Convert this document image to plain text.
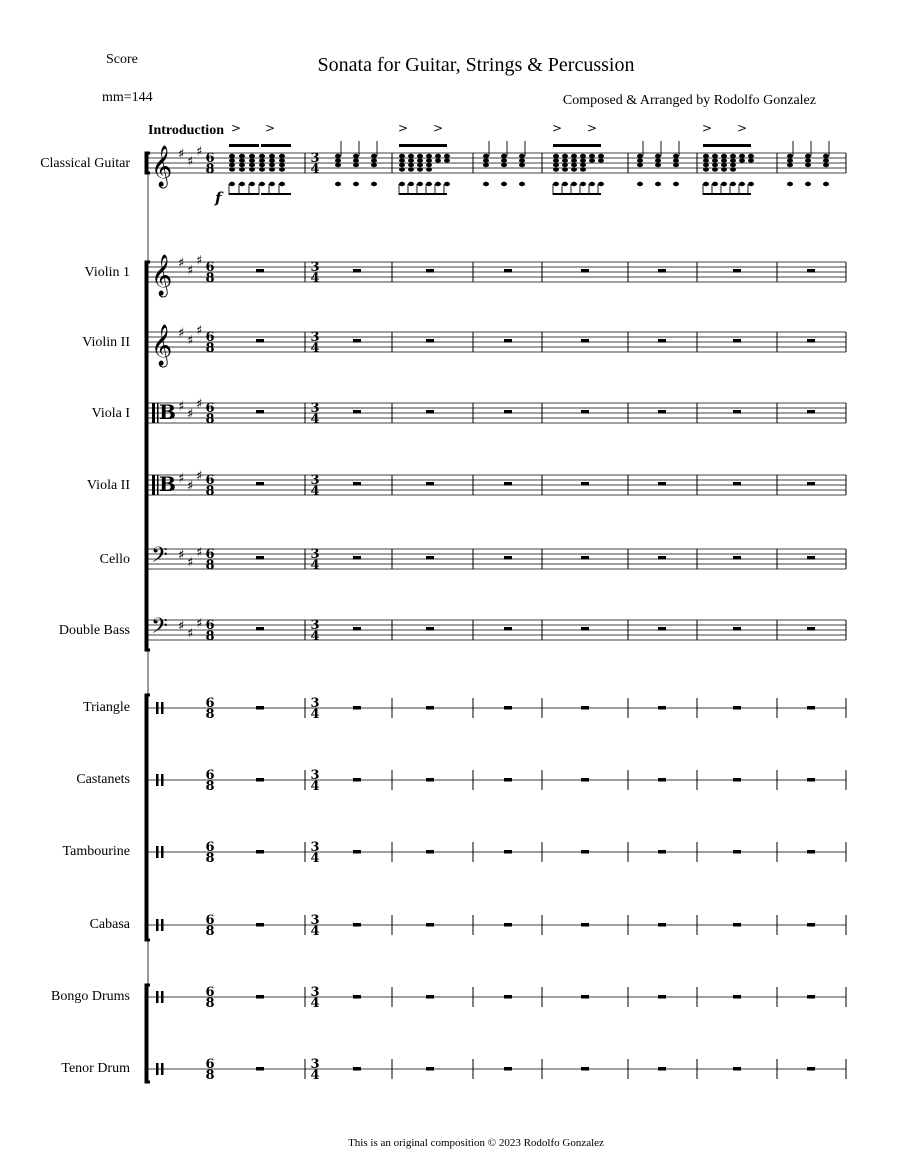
Score	Sonata for Guitar, Strings & Percussion
mm=144	Composed & Arranged by Rodolfo Gonzalez
Introduction
Classical Guitar
Violin 1
Violin II
Viola I
Viola II
Cello
Double Bass
Triangle
Castanets
Tambourine
Cabasa
Bongo Drums
Tenor Drum
𝄞 ♯ ♯
♯ 6
8
3
4
𝄞 ♯ ♯
♯ 6
8
3
4
𝄞 ♯ ♯
♯ 6
8
3
4
B ♯ ♯
♯ 6
8
3
4
B ♯ ♯
♯ 6
8
3
4
𝄢 ♯ ♯
♯ 6
8
3
4
𝄢 ♯ ♯
♯ 6
8
3
4
6
8
3
4
6
8
3
4
6
8
3
4
6
8
3
4
6
8
3
4
6
8
3
4
> >
f
> >	> >	> >
This is an original composition © 2023 Rodolfo Gonzalez
